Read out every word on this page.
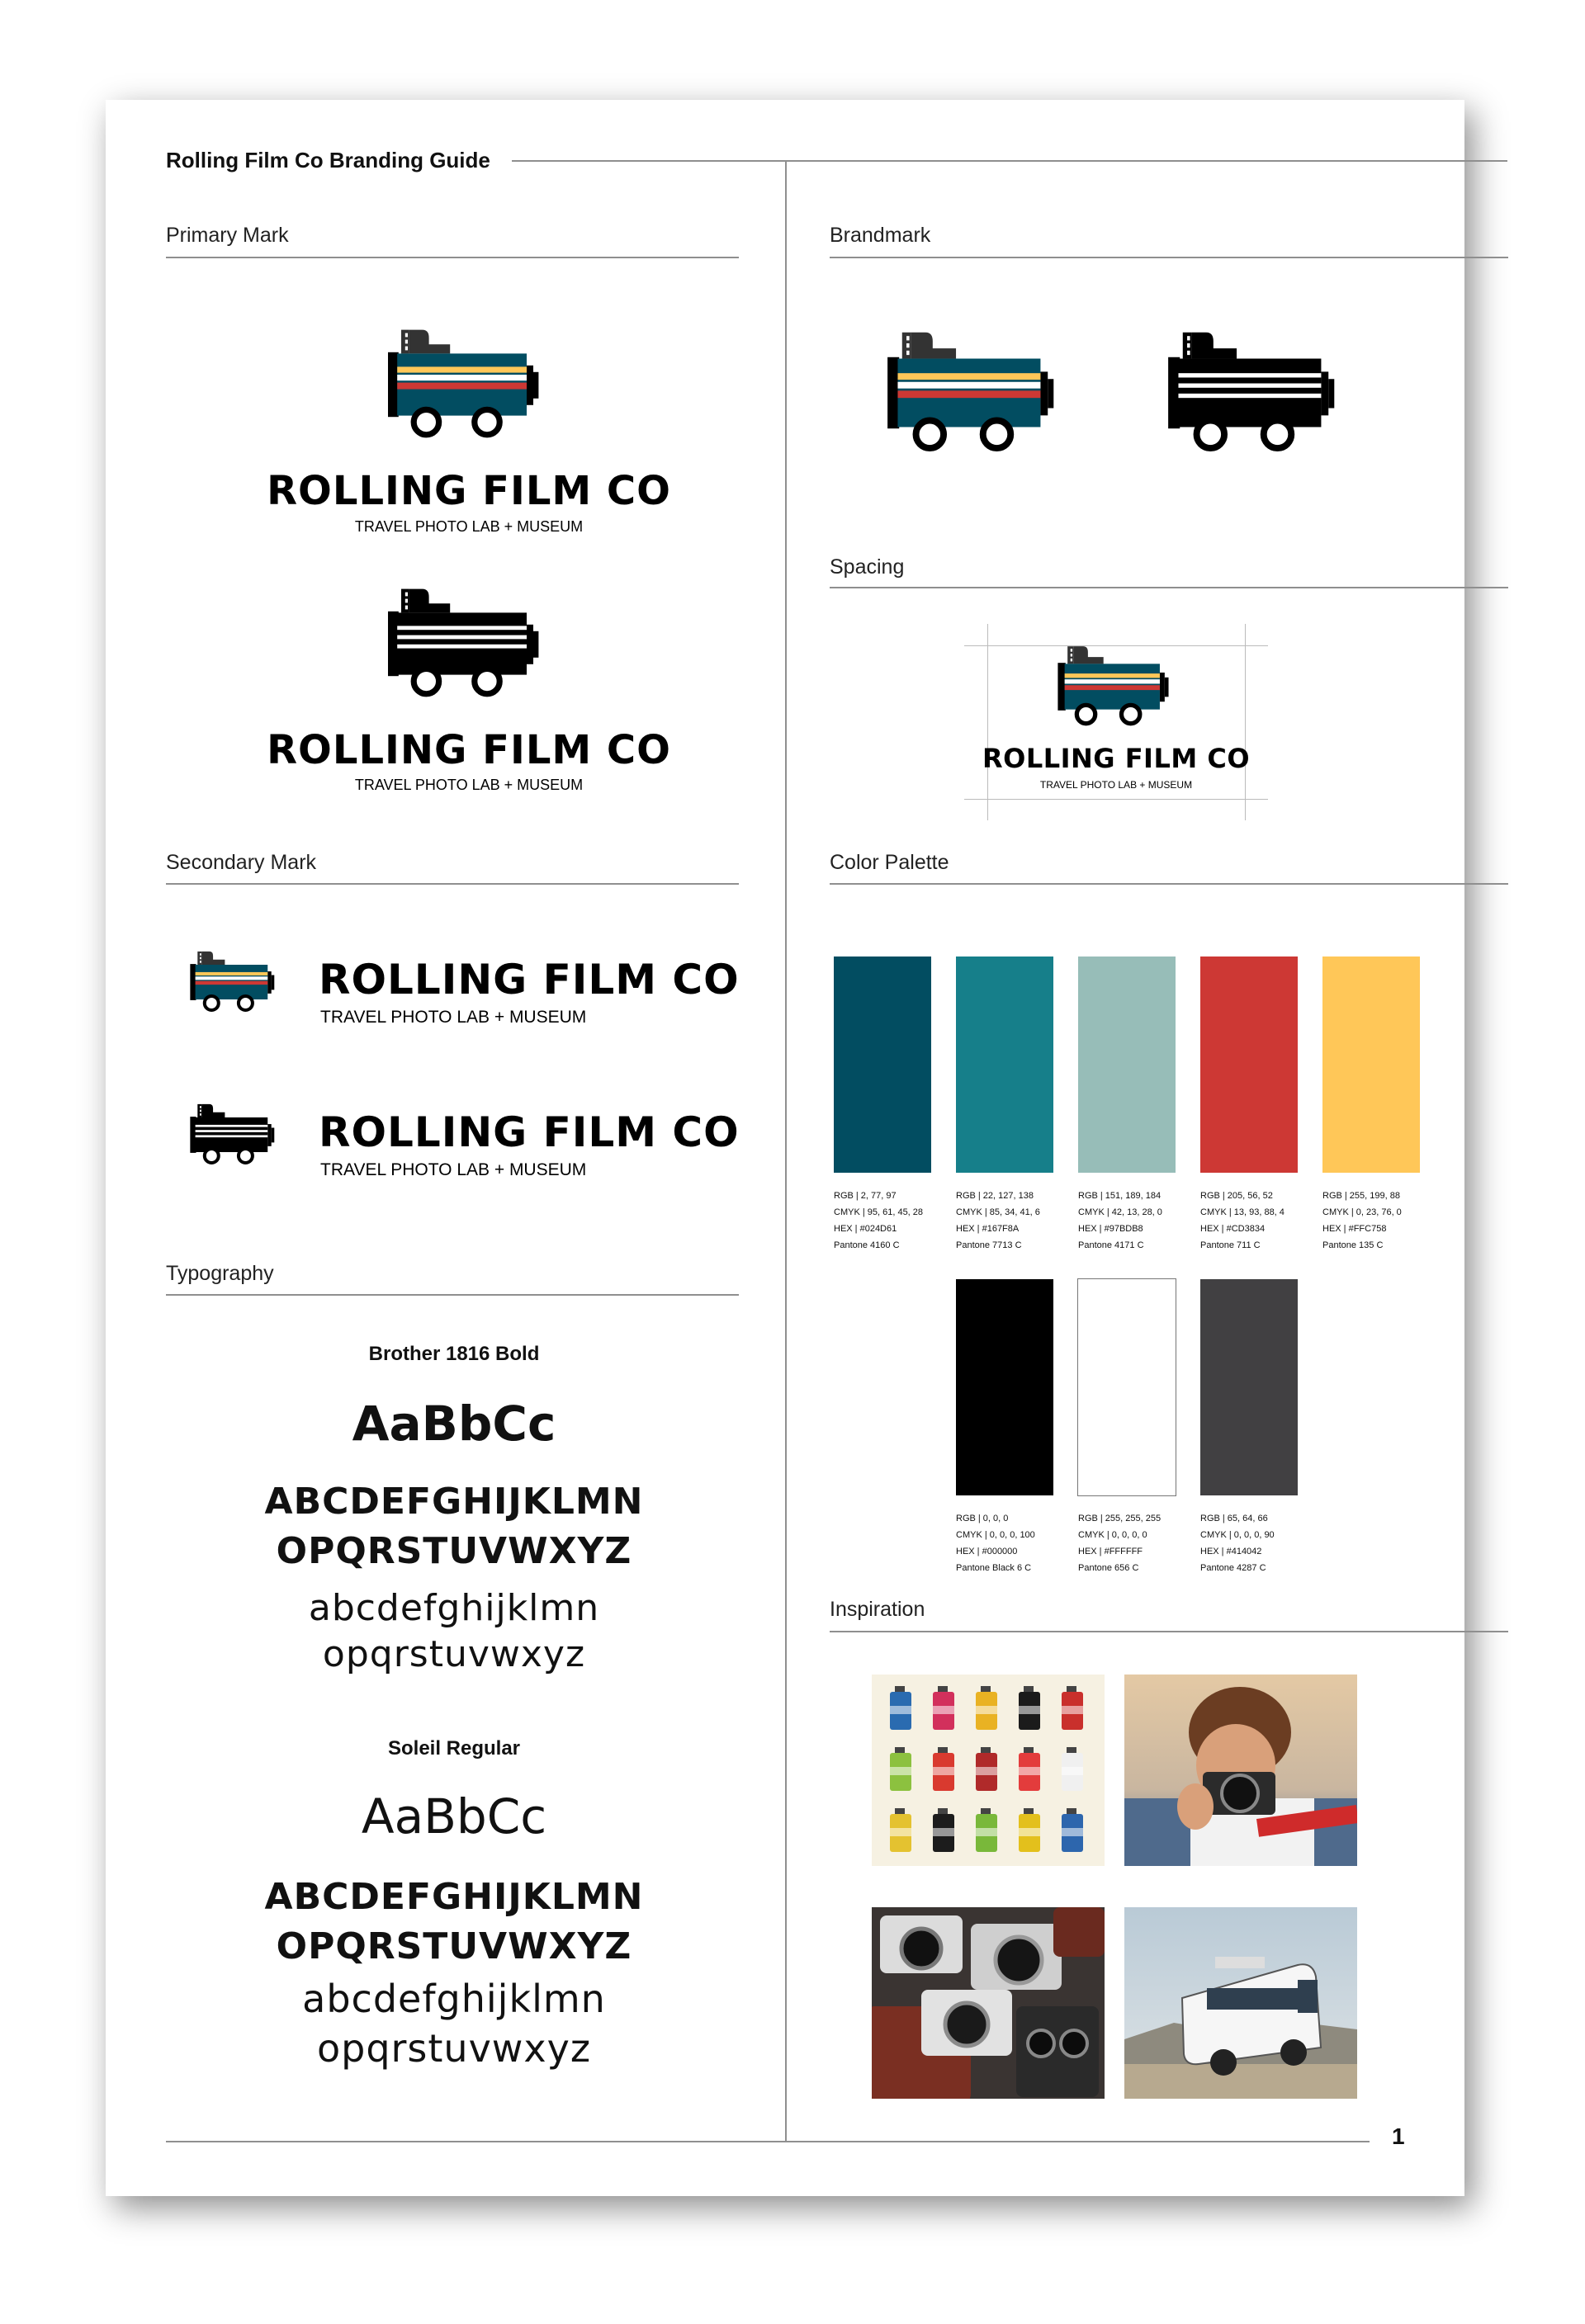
Rolling Film Co Branding Guide
1
Primary Mark
ROLLING FILM CO
TRAVEL PHOTO LAB + MUSEUM
ROLLING FILM CO
TRAVEL PHOTO LAB + MUSEUM
Brandmark
Spacing
ROLLING FILM CO
TRAVEL PHOTO LAB + MUSEUM
Secondary Mark
ROLLING FILM CO
TRAVEL PHOTO LAB + MUSEUM
ROLLING FILM CO
TRAVEL PHOTO LAB + MUSEUM
Color Palette
Typography
Brother 1816 Bold
AaBbCc
ABCDEFGHIJKLMN
OPQRSTUVWXYZ
abcdefghijklmn
opqrstuvwxyz
Soleil Regular
AaBbCc
ABCDEFGHIJKLMN
OPQRSTUVWXYZ
abcdefghijklmn
opqrstuvwxyz
Inspiration
RGB | 2, 77, 97
CMYK | 95, 61, 45, 28
HEX | #024D61
Pantone 4160 C
RGB | 22, 127, 138
CMYK | 85, 34, 41, 6
HEX | #167F8A
Pantone 7713 C
RGB | 151, 189, 184
CMYK | 42, 13, 28, 0
HEX | #97BDB8
Pantone 4171 C
RGB | 205, 56, 52
CMYK | 13, 93, 88, 4
HEX | #CD3834
Pantone 711 C
RGB | 255, 199, 88
CMYK | 0, 23, 76, 0
HEX | #FFC758
Pantone 135 C
RGB | 0, 0, 0
CMYK | 0, 0, 0, 100
HEX | #000000
Pantone Black 6 C
RGB | 255, 255, 255
CMYK | 0, 0, 0, 0
HEX | #FFFFFF
Pantone 656 C
RGB | 65, 64, 66
CMYK | 0, 0, 0, 90
HEX | #414042
Pantone 4287 C
